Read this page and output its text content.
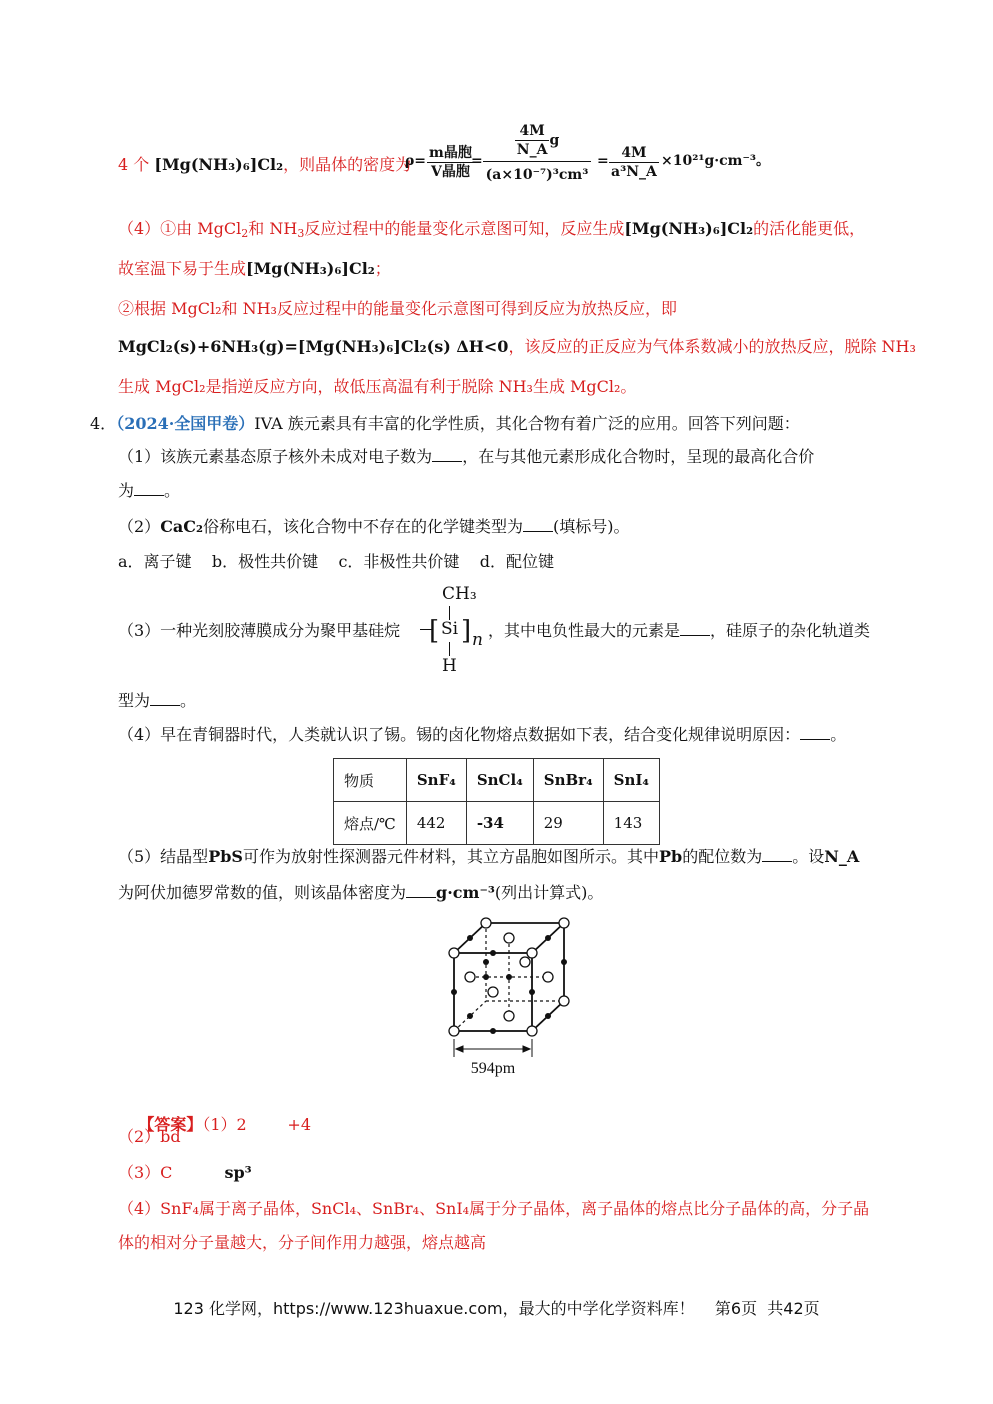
4 个 [Mg(NH₃)₆]Cl₂，则晶体的密度为
ρ= m晶胞
V晶胞
= $\frac{\frac{4M}{N\_A} g}{\text{(a×10⁻⁷)³cm³}} = \frac{4M}{\text{a³N\_A}} \times 10^{21}g\cdot cm^{-3}$。
（4）①由 MgCl$_2$和 $NH_3$反应过程中的能量变化示意图可知，反应生成[Mg(NH₃)₆]Cl₂的活化能更低，
故室温下易于生成[Mg(NH₃)₆]Cl₂；
②根据 MgCl₂和 NH₃反应过程中的能量变化示意图可得到反应为放热反应，即
MgCl₂(s)+6NH₃(g)=[Mg(NH₃)₆]Cl₂(s) ΔH<0，该反应的正反应为气体系数减小的放热反应，脱除 NH₃
生成 MgCl₂是指逆反应方向，故低压高温有利于脱除 NH₃生成 MgCl₂。
4．（2024·全国甲卷）IVA 族元素具有丰富的化学性质，其化合物有着广泛的应用。回答下列问题：
（1）该族元素基态原子核外未成对电子数为 ，在与其他元素形成化合物时，呈现的最高化合价
为 。
（2）CaC₂俗称电石，该化合物中不存在的化学键类型为 (填标号)。
a．离子键    b．极性共价键    c．非极性共价键    d．配位键
（3）一种光刻胶薄膜成分为聚甲基硅烷
CH₃
[ Si ] n
H
，其中电负性最大的元素是 ，硅原子的杂化轨道类
型为 。
（4）早在青铜器时代，人类就认识了锡。锡的卤化物熔点数据如下表，结合变化规律说明原因： 。
物质	SnF₄	SnCl₄	SnBr₄	SnI₄
熔点/℃	442	-34	29	143
（5）结晶型PbS可作为放射性探测器元件材料，其立方晶胞如图所示。其中Pb的配位数为 。设N_A
为阿伏加德罗常数的值，则该晶体密度为 g·cm⁻³(列出计算式)。
594pm

【答案】（1）2        +4

（2）bd
（3）C	sp³
（4）SnF₄属于离子晶体，SnCl₄、SnBr₄、SnI₄属于分子晶体，离子晶体的熔点比分子晶体的高，分子晶
体的相对分子量越大，分子间作用力越强，熔点越高
123 化学网，https://www.123huaxue.com，最大的中学化学资料库！    第6页  共42页
